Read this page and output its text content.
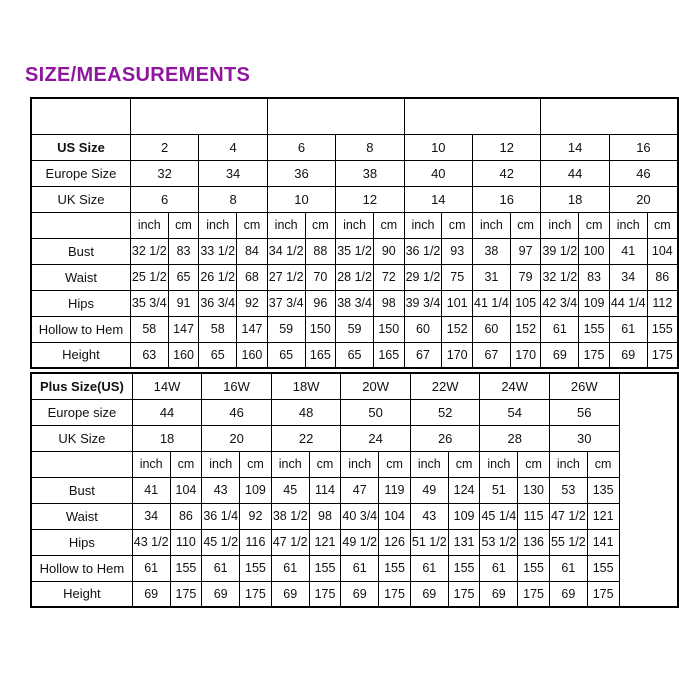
SIZE/MEASUREMENTS

US Size	2		4		6		8		10		12		14		16	
Europe Size	32		34		36		38		40		42		44		46	
UK Size	6		8		10		12		14		16		18		20	
	inch	cm	inch	cm	inch	cm	inch	cm	inch	cm	inch	cm	inch	cm	inch	cm
Bust	32 1/2	83	33 1/2	84	34 1/2	88	35 1/2	90	36 1/2	93	38	97	39 1/2	100	41	104
Waist	25 1/2	65	26 1/2	68	27 1/2	70	28 1/2	72	29 1/2	75	31	79	32 1/2	83	34	86
Hips	35 3/4	91	36 3/4	92	37 3/4	96	38 3/4	98	39 3/4	101	41 1/4	105	42 3/4	109	44 1/4	112
Hollow to Hem	58	147	58	147	59	150	59	150	60	152	60	152	61	155	61	155
Height	63	160	65	160	65	165	65	165	67	170	67	170	69	175	69	175
Plus Size(US)	14W		16W		18W		20W		22W		24W		26W		
Europe size	44		46		48		50		52		54		56		
UK Size	18		20		22		24		26		28		30		
	inch	cm	inch	cm	inch	cm	inch	cm	inch	cm	inch	cm	inch	cm	
Bust	41	104	43	109	45	114	47	119	49	124	51	130	53	135	
Waist	34	86	36 1/4	92	38 1/2	98	40 3/4	104	43	109	45 1/4	115	47 1/2	121	
Hips	43 1/2	110	45 1/2	116	47 1/2	121	49 1/2	126	51 1/2	131	53 1/2	136	55 1/2	141	
Hollow to Hem	61	155	61	155	61	155	61	155	61	155	61	155	61	155	
Height	69	175	69	175	69	175	69	175	69	175	69	175	69	175	
